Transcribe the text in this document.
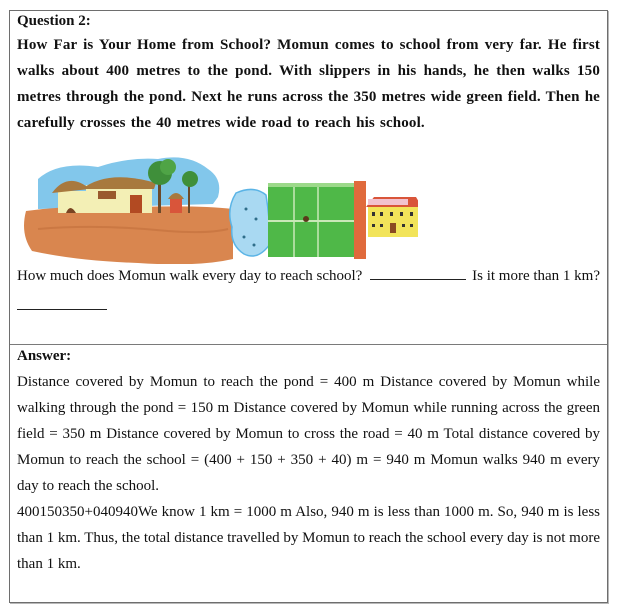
Question 2:
How Far is Your Home from School? Momun comes to school from very far. He first walks about 400 metres to the pond. With slippers in his hands, he then walks 150 metres through the pond. Next he runs across the 350 metres wide green field. Then he carefully crosses the 40 metres wide road to reach his school.
How much does Momun walk every day to reach school?	Is it more than 1 km?
Answer:

Distance covered by Momun to reach the pond = 400 m Distance covered by Momun while walking through the pond = 150 m Distance covered by Momun while running across the green field = 350 m Distance covered by Momun to cross the road = 40 m Total distance covered by Momun to reach the school = (400 + 150 + 350 + 40) m = 940 m Momun walks 940 m every day to reach the school.

400150350+040940We know 1 km = 1000 m Also, 940 m is less than 1000 m. So, 940 m is less than 1 km. Thus, the total distance travelled by Momun to reach the school every day is not more than 1 km.
